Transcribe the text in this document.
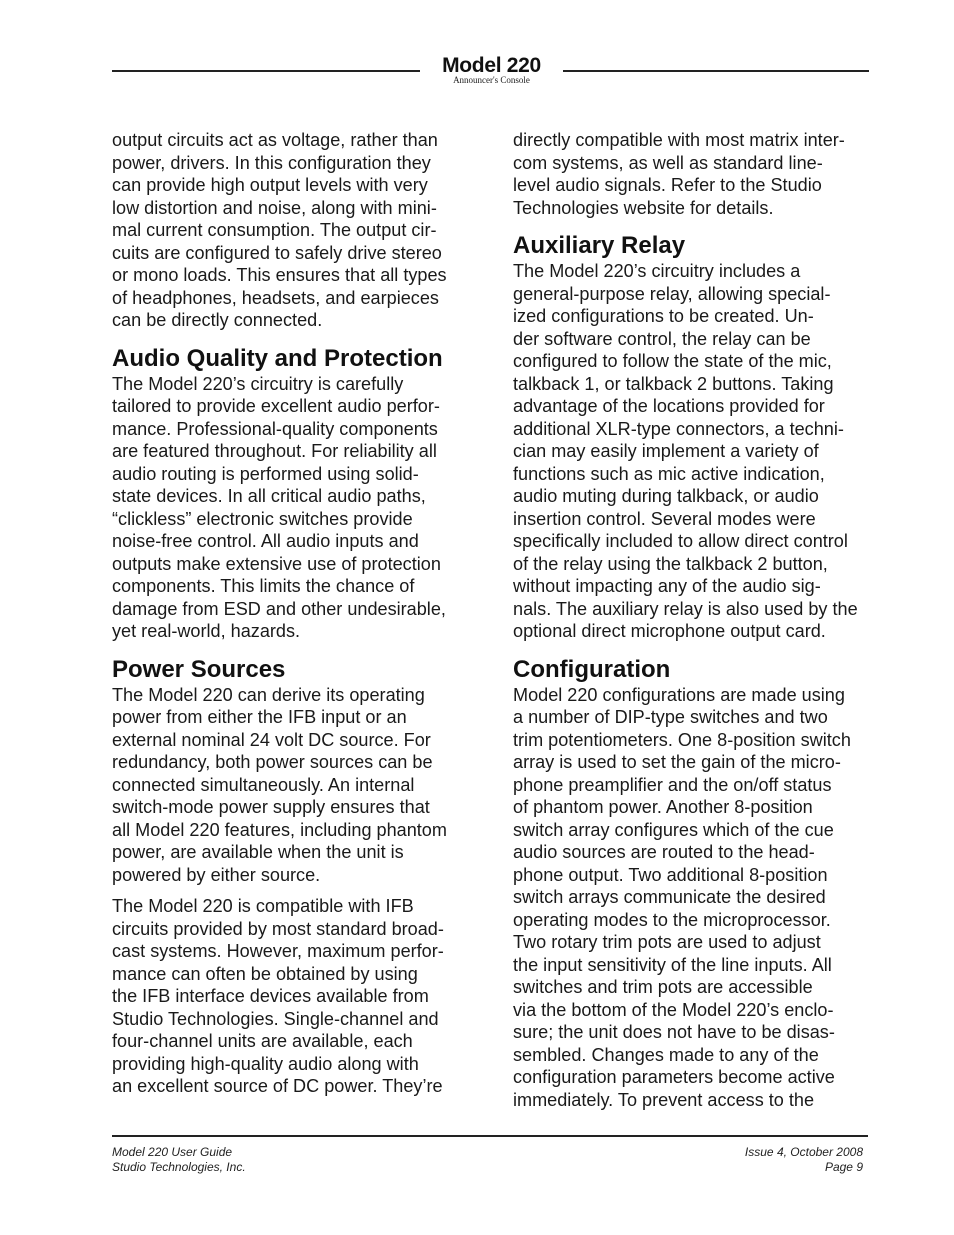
Model 220
Announcer's Console

output circuits act as voltage, rather than
power, drivers. In this configuration they
can provide high output levels with very
low distortion and noise, along with mini-
mal current consumption. The output cir-
cuits are configured to safely drive stereo
or mono loads. This ensures that all types
of headphones, headsets, and earpieces
can be directly connected.

Audio Quality and Protection

The Model 220’s circuitry is carefully
tailored to provide excellent audio perfor-
mance. Professional-quality components
are featured throughout. For reliability all
audio routing is performed using solid-
state devices. In all critical audio paths,
“clickless” electronic switches provide
noise-free control. All audio inputs and
outputs make extensive use of protection
components. This limits the chance of
damage from ESD and other undesirable,
yet real-world, hazards.

Power Sources

The Model 220 can derive its operating
power from either the IFB input or an
external nominal 24 volt DC source. For
redundancy, both power sources can be
connected simultaneously. An internal
switch-mode power supply ensures that
all Model 220 features, including phantom
power, are available when the unit is
powered by either source.

The Model 220 is compatible with IFB
circuits provided by most standard broad-
cast systems. However, maximum perfor-
mance can often be obtained by using
the IFB interface devices available from
Studio Technologies. Single-channel and
four-channel units are available, each
providing high-quality audio along with
an excellent source of DC power. They’re

directly compatible with most matrix inter-
com systems, as well as standard line-
level audio signals. Refer to the Studio
Technologies website for details.

Auxiliary Relay

The Model 220’s circuitry includes a
general-purpose relay, allowing special-
ized configurations to be created. Un-
der software control, the relay can be
configured to follow the state of the mic,
talkback 1, or talkback 2 buttons. Taking
advantage of the locations provided for
additional XLR-type connectors, a techni-
cian may easily implement a variety of
functions such as mic active indication,
audio muting during talkback, or audio
insertion control. Several modes were
specifically included to allow direct control
of the relay using the talkback 2 button,
without impacting any of the audio sig-
nals. The auxiliary relay is also used by the
optional direct microphone output card.

Configuration

Model 220 configurations are made using
a number of DIP-type switches and two
trim potentiometers. One 8-position switch
array is used to set the gain of the micro-
phone preamplifier and the on/off status
of phantom power. Another 8-position
switch array configures which of the cue
audio sources are routed to the head-
phone output. Two additional 8-position
switch arrays communicate the desired
operating modes to the microprocessor.
Two rotary trim pots are used to adjust
the input sensitivity of the line inputs. All
switches and trim pots are accessible
via the bottom of the Model 220’s enclo-
sure; the unit does not have to be disas-
sembled. Changes made to any of the
configuration parameters become active
immediately. To prevent access to the

Model 220 User Guide
Studio Technologies, Inc.
Issue 4, October 2008
Page 9
